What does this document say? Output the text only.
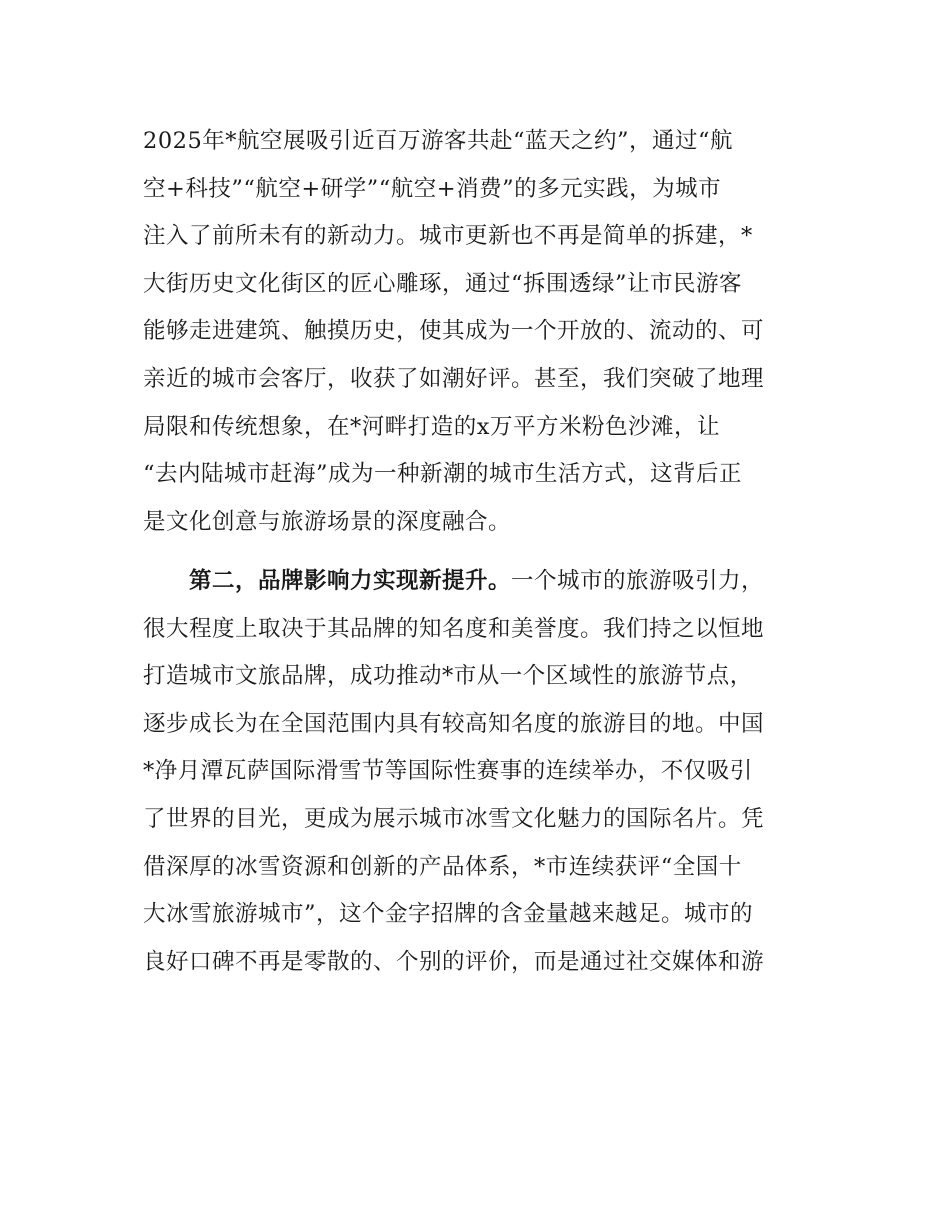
2025年*航空展吸引近百万游客共赴“蓝天之约”，通过“航
空+科技”“航空+研学”“航空+消费”的多元实践，为城市
注入了前所未有的新动力。城市更新也不再是简单的拆建，*
大街历史文化街区的匠心雕琢，通过“拆围透绿”让市民游客
能够走进建筑、触摸历史，使其成为一个开放的、流动的、可
亲近的城市会客厅，收获了如潮好评。甚至，我们突破了地理
局限和传统想象，在*河畔打造的x万平方米粉色沙滩，让
“去内陆城市赶海”成为一种新潮的城市生活方式，这背后正
是文化创意与旅游场景的深度融合。

第二，品牌影响力实现新提升。一个城市的旅游吸引力，
很大程度上取决于其品牌的知名度和美誉度。我们持之以恒地
打造城市文旅品牌，成功推动*市从一个区域性的旅游节点，
逐步成长为在全国范围内具有较高知名度的旅游目的地。中国
*净月潭瓦萨国际滑雪节等国际性赛事的连续举办，不仅吸引
了世界的目光，更成为展示城市冰雪文化魅力的国际名片。凭
借深厚的冰雪资源和创新的产品体系，*市连续获评“全国十
大冰雪旅游城市”，这个金字招牌的含金量越来越足。城市的
良好口碑不再是零散的、个别的评价，而是通过社交媒体和游
